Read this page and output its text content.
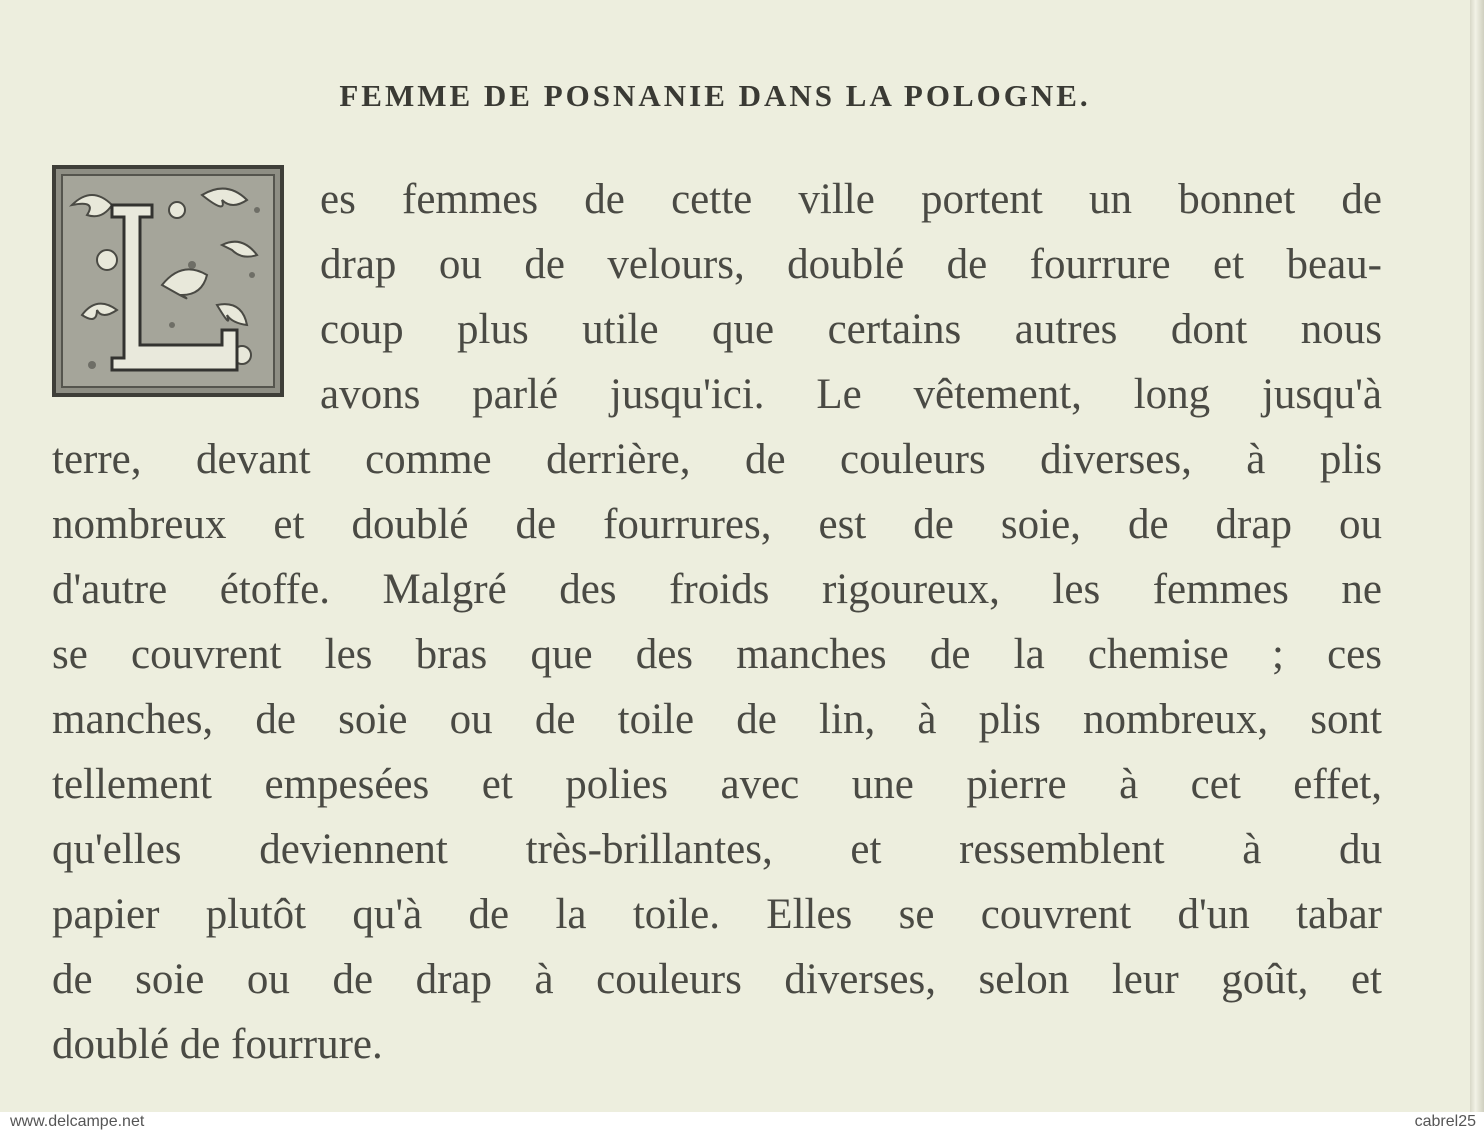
FEMME DE POSNANIE DANS LA POLOGNE.
es femmes de cette ville portent un bonnet de
drap ou de velours, doublé de fourrure et beau-
coup plus utile que certains autres dont nous
avons parlé jusqu'ici. Le vêtement, long jusqu'à
terre, devant comme derrière, de couleurs diverses, à plis
nombreux et doublé de fourrures, est de soie, de drap ou
d'autre étoffe. Malgré des froids rigoureux, les femmes ne
se couvrent les bras que des manches de la chemise ; ces
manches, de soie ou de toile de lin, à plis nombreux, sont
tellement empesées et polies avec une pierre à cet effet,
qu'elles deviennent très-brillantes, et ressemblent à du
papier plutôt qu'à de la toile. Elles se couvrent d'un tabar
de soie ou de drap à couleurs diverses, selon leur goût, et
doublé de fourrure.
www.delcampe.net	cabrel25
